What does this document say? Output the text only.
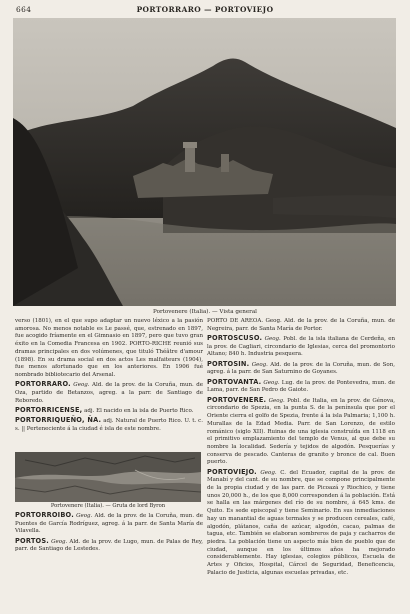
664	PORTORRARO — PORTOVIEJO
Portovenere (Italia). — Vista general

verso (1801), en el que supo adaptar un nuevo léxico a la pasión amorosa. No menos notable es Le passé, que, estrenado en 1897, fue acogido fríamente en el Gimnasio en 1897, pero que tuvo gran éxito en la Comedia Francesa en 1902. PORTO-RICHE reunió sus dramas principales en dos volúmenes, que tituló Théâtre d'amour (1898). En su drama social en dos actos Les malfaiteurs (1904), fue menos afortunado que en los anteriores. En 1906 fué nombrado bibliotecario del Arsenal.

PORTORRARO. Geog. Ald. de la prov. de la Coruña, mun. de Oza, partido de Betanzos, agreg. a la parr. de Santiago de Reboredo.

PORTORRICENSE, adj. El nacido en la isla de Puerto Rico.

PORTORRIQUEÑO, ÑA. adj. Natural de Puerto Rico. U. t. c. s. || Perteneciente á la ciudad é isla de este nombre.

Portovenere (Italia). — Gruta de lord Byron

PORTORROIBO. Geog. Ald. de la prov. de la Coruña, mun. de Puentes de García Rodríguez, agreg. á la parr. de Santa María de Vilavella.

PORTOS. Geog. Ald. de la prov. de Lugo, mun. de Palas de Rey, parr. de Santiago de Lestedes.

PORTO DE AREOA. Geog. Ald. de la prov. de la Coruña, mun. de Negreira, parr. de Santa María de Portor.

PORTOSCUSO. Geog. Pobl. de la isla italiana de Cerdeña, en la prov. de Cagliari, circondario de Iglesias, cerca del promontorio Altano; 840 h. Industria pesquera.

PORTOSIN. Geog. Ald. de la prov. de la Coruña, mun. de Son, agreg. á la parr. de San Saturnino de Goyanes.

PORTOVANTA. Geog. Lug. de la prov. de Pontevedra, mun. de Lama, parr. de San Pedro de Gaiote.

PORTOVENERE. Geog. Pobl. de Italia, en la prov. de Génova, circondario de Spezia, en la punta S. de la península que por el Oriente cierra el golfo de Spezia, frente á la isla Palmaria; 1,100 h. Murallas de la Edad Media. Parr. de San Lorenzo, de estilo románico (siglo XII). Ruinas de una iglesia construída en 1118 en el primitivo emplazamiento del templo de Venus, al que debe su nombre la localidad. Sedería y tejidos de algodón. Pesquerías y conserva de pescado. Canteras de granito y bronce de cal. Buen puerto.

PORTOVIEJO. Geog. C. del Ecuador, capital de la prov. de Manabí y del cant. de su nombre, que se compone principalmente de la propia ciudad y de las parr. de Picoazá y Riochico, y tiene unos 20,000 h., de los que 8,000 corresponden á la población. Está se halla en las márgenes del río de su nombre, á 645 kms. de Quito. Es sede episcopal y tiene Seminario. En sus inmediaciones hay un manantial de aguas termales y se producen cereales, café, algodón, plátanos, caña de azúcar, algodón, cacao, palmas de tagua, etc. También se elaboran sombreros de paja y cacharros de piedra. La población tiene un aspecto más bien de pueblo que de ciudad, aunque en los últimos años ha mejorado considerablemente. Hay iglesias, colegios públicos, Escuela de Artes y Oficios, Hospital, Cárcel de Seguridad, Beneficencia, Palacio de Justicia, algunas escuelas privadas, etc.
